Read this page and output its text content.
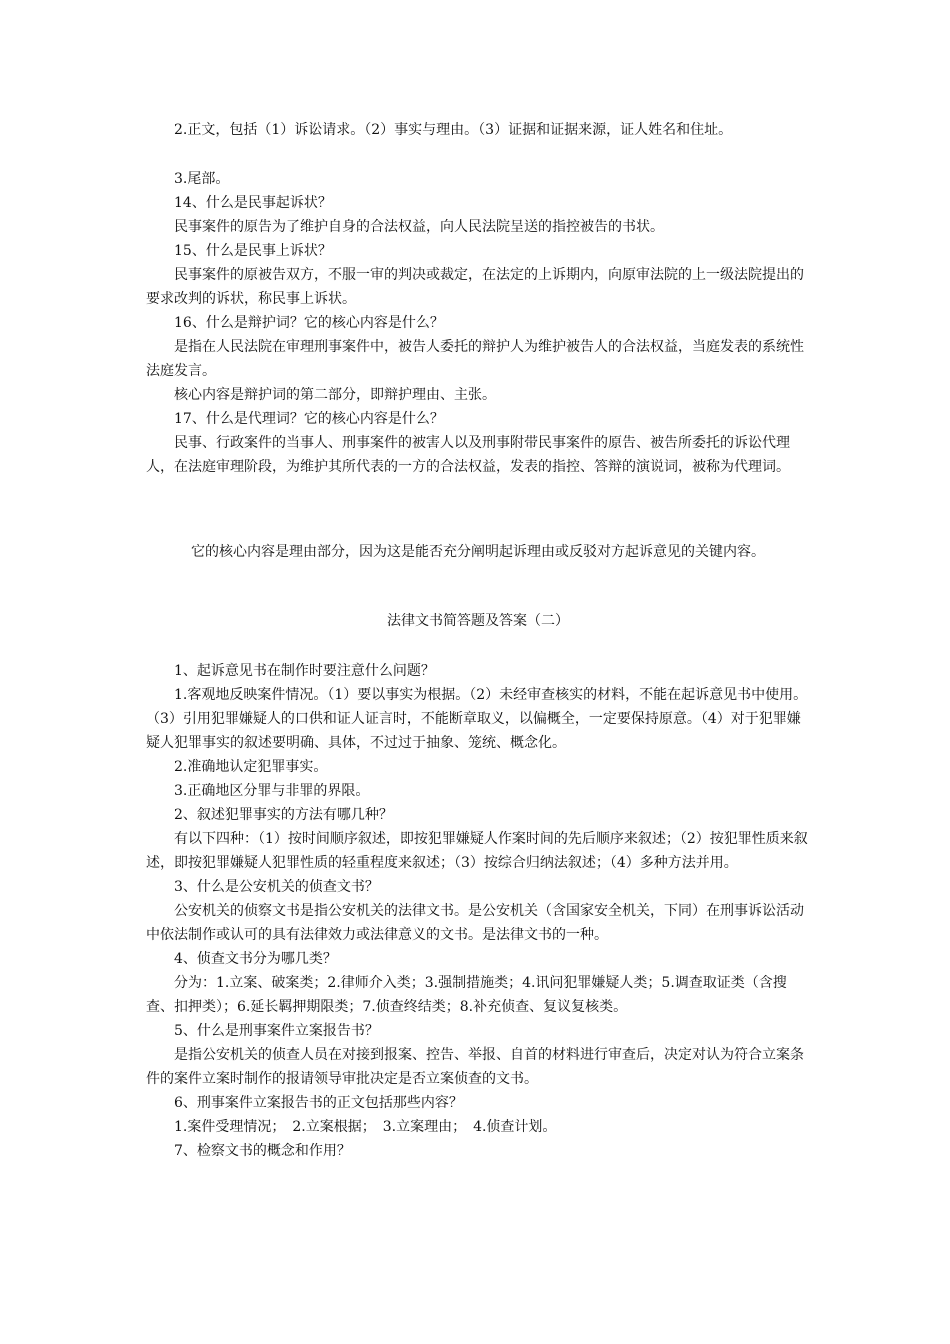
2.正文，包括（1）诉讼请求。（2）事实与理由。（3）证据和证据来源，证人姓名和住址。
3.尾部。

14、什么是民事起诉状？

民事案件的原告为了维护自身的合法权益，向人民法院呈送的指控被告的书状。

15、什么是民事上诉状？

民事案件的原被告双方，不服一审的判决或裁定，在法定的上诉期内，向原审法院的上一级法院提出的要求改判的诉状，称民事上诉状。

16、什么是辩护词？它的核心内容是什么？

是指在人民法院在审理刑事案件中，被告人委托的辩护人为维护被告人的合法权益，当庭发表的系统性法庭发言。

核心内容是辩护词的第二部分，即辩护理由、主张。

17、什么是代理词？它的核心内容是什么？

民事、行政案件的当事人、刑事案件的被害人以及刑事附带民事案件的原告、被告所委托的诉讼代理人，在法庭审理阶段，为维护其所代表的一方的合法权益，发表的指控、答辩的演说词，被称为代理词。

它的核心内容是理由部分，因为这是能否充分阐明起诉理由或反驳对方起诉意见的关键内容。
法律文书简答题及答案（二）

1、起诉意见书在制作时要注意什么问题？

1.客观地反映案件情况。（1）要以事实为根据。（2）未经审查核实的材料，不能在起诉意见书中使用。（3）引用犯罪嫌疑人的口供和证人证言时，不能断章取义，以偏概全，一定要保持原意。（4）对于犯罪嫌疑人犯罪事实的叙述要明确、具体，不过过于抽象、笼统、概念化。

2.准确地认定犯罪事实。

3.正确地区分罪与非罪的界限。

2、叙述犯罪事实的方法有哪几种？

有以下四种：（1）按时间顺序叙述，即按犯罪嫌疑人作案时间的先后顺序来叙述；（2）按犯罪性质来叙述，即按犯罪嫌疑人犯罪性质的轻重程度来叙述；（3）按综合归纳法叙述；（4）多种方法并用。

3、什么是公安机关的侦查文书？

公安机关的侦察文书是指公安机关的法律文书。是公安机关（含国家安全机关，下同）在刑事诉讼活动中依法制作或认可的具有法律效力或法律意义的文书。是法律文书的一种。

4、侦查文书分为哪几类？

分为：1.立案、破案类；2.律师介入类；3.强制措施类；4.讯问犯罪嫌疑人类；5.调查取证类（含搜查、扣押类）；6.延长羁押期限类；7.侦查终结类；8.补充侦查、复议复核类。

5、什么是刑事案件立案报告书？

是指公安机关的侦查人员在对接到报案、控告、举报、自首的材料进行审查后，决定对认为符合立案条件的案件立案时制作的报请领导审批决定是否立案侦查的文书。

6、刑事案件立案报告书的正文包括那些内容？

1.案件受理情况；　2.立案根据；　3.立案理由；　4.侦查计划。

7、检察文书的概念和作用？
